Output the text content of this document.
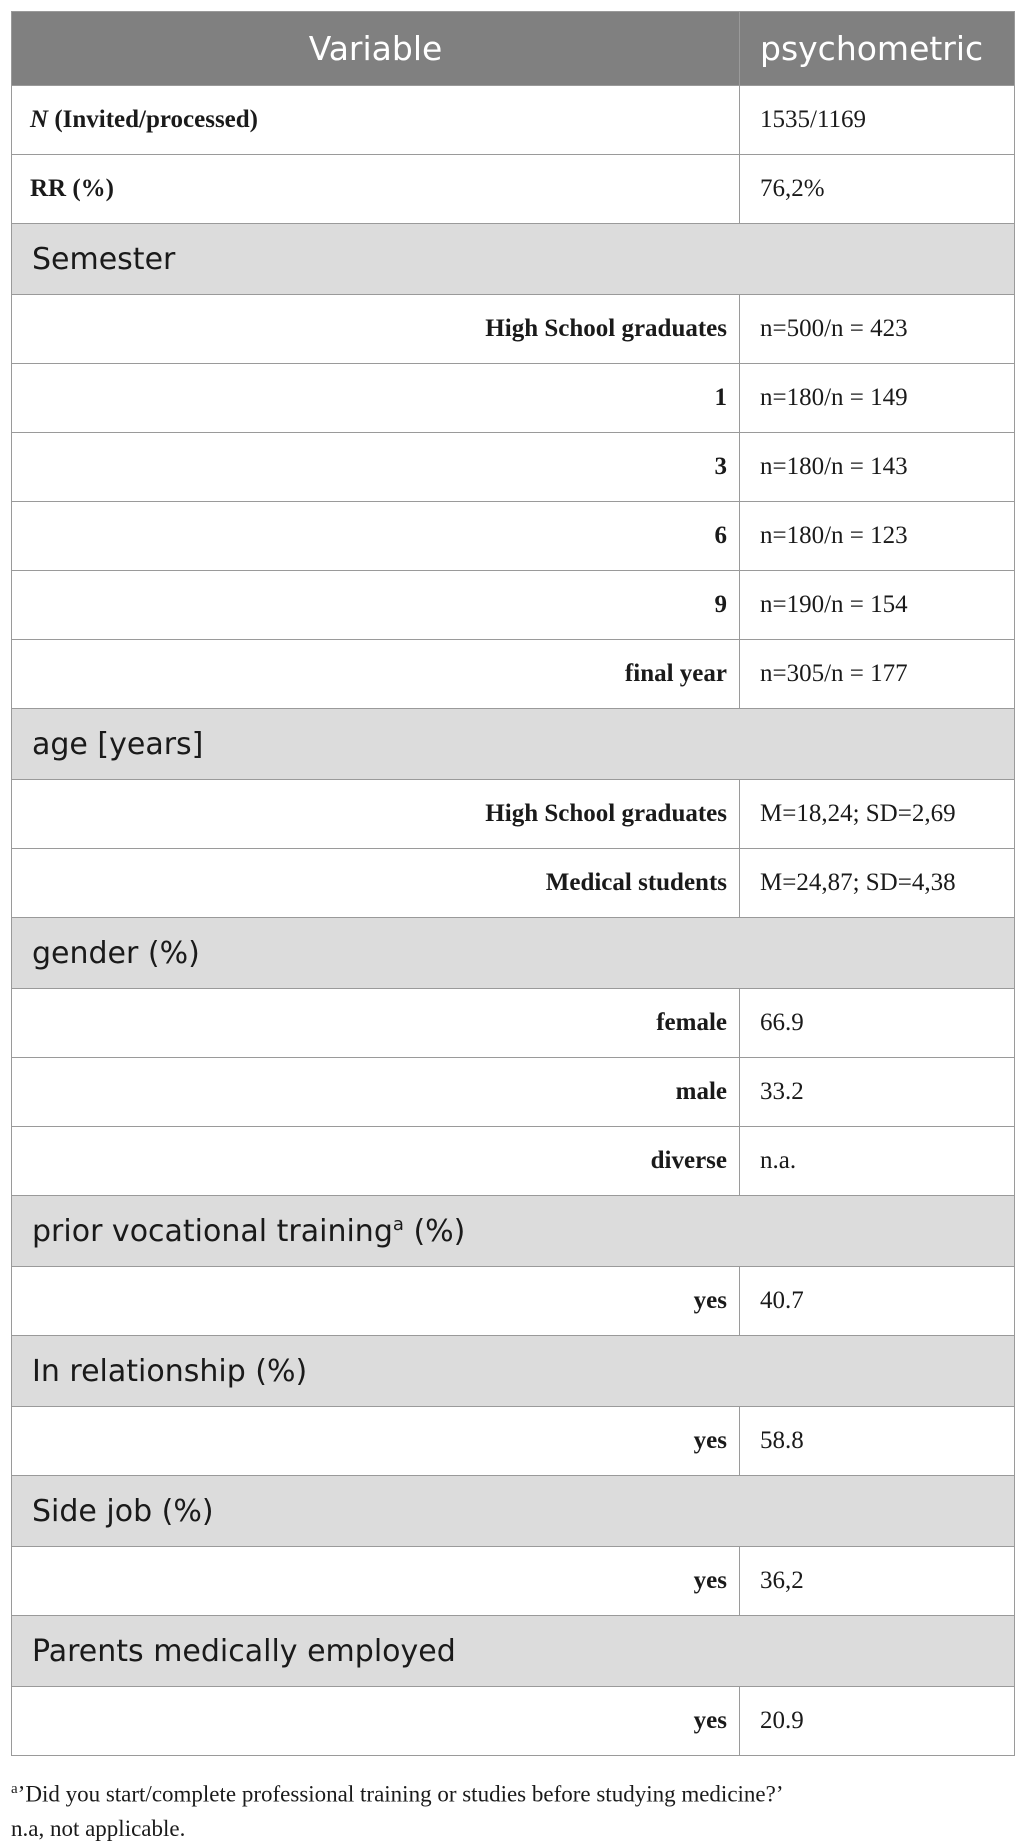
Variable	psychometric
N (Invited/processed)	1535/1169
RR (%)	76,2%
Semester	
High School graduates	n=500/n = 423
1	n=180/n = 149
3	n=180/n = 143
6	n=180/n = 123
9	n=190/n = 154
final year	n=305/n = 177
age [years]	
High School graduates	M=18,24; SD=2,69
Medical students	M=24,87; SD=4,38
gender (%)	
female	66.9
male	33.2
diverse	n.a.
prior vocational training$^a$ (%)	
yes	40.7
In relationship (%)	
yes	58.8
Side job (%)	
yes	36,2
Parents medically employed	
yes	20.9
$^a$’Did you start/complete professional training or studies before studying medicine?’
n.a, not applicable.
